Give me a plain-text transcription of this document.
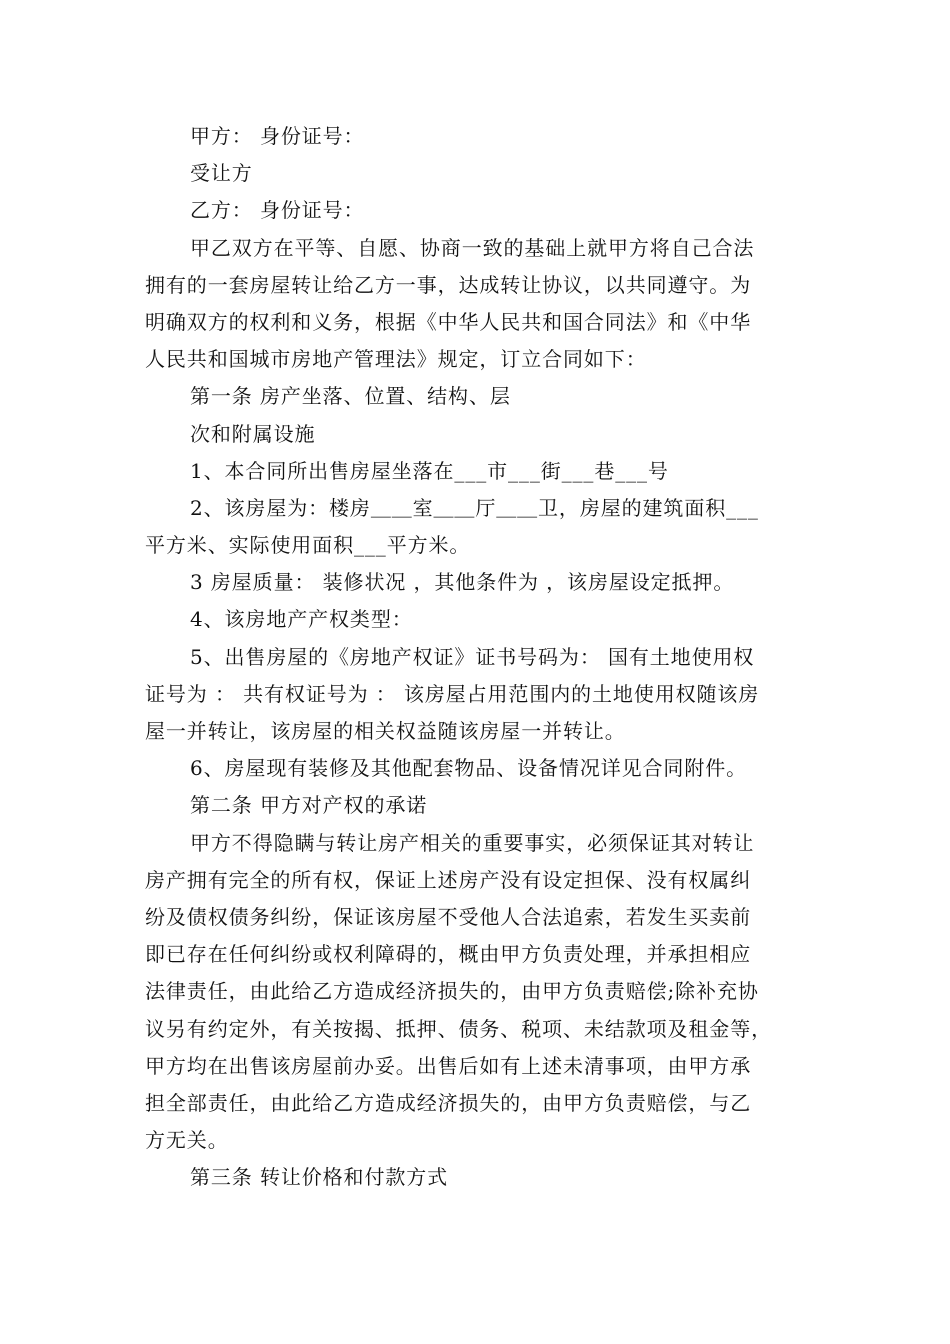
甲方： 身份证号：
受让方
乙方： 身份证号：
甲乙双方在平等、自愿、协商一致的基础上就甲方将自己合法
拥有的一套房屋转让给乙方一事，达成转让协议，以共同遵守。为
明确双方的权利和义务，根据《中华人民共和国合同法》和《中华
人民共和国城市房地产管理法》规定，订立合同如下：
第一条 房产坐落、位置、结构、层
次和附属设施
1、本合同所出售房屋坐落在___市___街___巷___号
2、该房屋为：楼房＿＿室＿＿厅＿＿卫，房屋的建筑面积___
平方米、实际使用面积___平方米。
3 房屋质量： 装修状况 ，其他条件为 ，该房屋设定抵押。
4、该房地产产权类型：
5、出售房屋的《房地产权证》证书号码为： 国有土地使用权
证号为 ： 共有权证号为 ： 该房屋占用范围内的土地使用权随该房
屋一并转让，该房屋的相关权益随该房屋一并转让。
6、房屋现有装修及其他配套物品、设备情况详见合同附件。
第二条 甲方对产权的承诺
甲方不得隐瞒与转让房产相关的重要事实，必须保证其对转让
房产拥有完全的所有权，保证上述房产没有设定担保、没有权属纠
纷及债权债务纠纷，保证该房屋不受他人合法追索，若发生买卖前
即已存在任何纠纷或权利障碍的，概由甲方负责处理，并承担相应
法律责任，由此给乙方造成经济损失的，由甲方负责赔偿;除补充协
议另有约定外，有关按揭、抵押、债务、税项、未结款项及租金等，
甲方均在出售该房屋前办妥。出售后如有上述未清事项，由甲方承
担全部责任，由此给乙方造成经济损失的，由甲方负责赔偿，与乙
方无关。
第三条 转让价格和付款方式
